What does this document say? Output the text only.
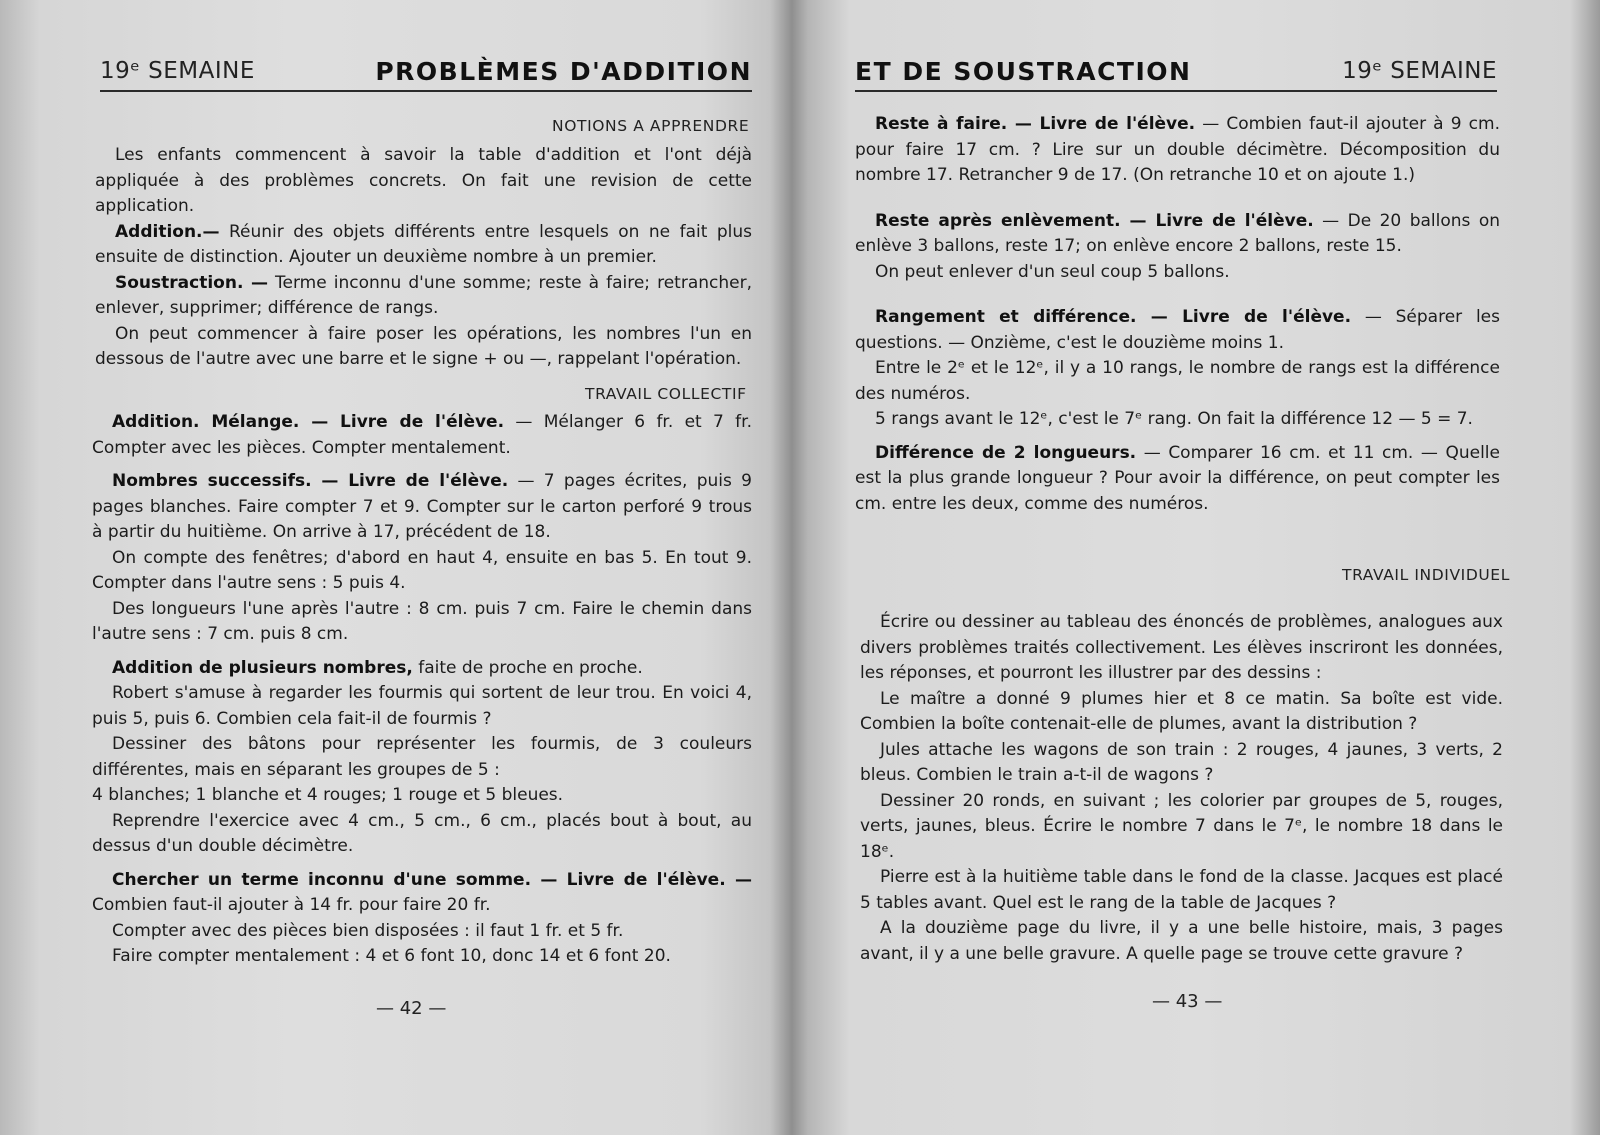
19ᵉ SEMAINE	PROBLÈMES D'ADDITION
NOTIONS A APPRENDRE

Les enfants commencent à savoir la table d'addition et l'ont déjà appliquée à des problèmes concrets. On fait une revision de cette application.

Addition.— Réunir des objets différents entre lesquels on ne fait plus ensuite de distinction. Ajouter un deuxième nombre à un premier.

Soustraction. — Terme inconnu d'une somme; reste à faire; retrancher, enlever, supprimer; différence de rangs.

On peut commencer à faire poser les opérations, les nombres l'un en dessous de l'autre avec une barre et le signe + ou —, rappelant l'opération.

TRAVAIL COLLECTIF

Addition. Mélange. — Livre de l'élève. — Mélanger 6 fr. et 7 fr. Compter avec les pièces. Compter mentalement.

Nombres successifs. — Livre de l'élève. — 7 pages écrites, puis 9 pages blanches. Faire compter 7 et 9. Compter sur le carton perforé 9 trous à partir du huitième. On arrive à 17, précédent de 18.

On compte des fenêtres; d'abord en haut 4, ensuite en bas 5. En tout 9. Compter dans l'autre sens : 5 puis 4.

Des longueurs l'une après l'autre : 8 cm. puis 7 cm. Faire le chemin dans l'autre sens : 7 cm. puis 8 cm.

Addition de plusieurs nombres, faite de proche en proche.

Robert s'amuse à regarder les fourmis qui sortent de leur trou. En voici 4, puis 5, puis 6. Combien cela fait-il de fourmis ?

Dessiner des bâtons pour représenter les fourmis, de 3 couleurs différentes, mais en séparant les groupes de 5 :

4 blanches; 1 blanche et 4 rouges; 1 rouge et 5 bleues.

Reprendre l'exercice avec 4 cm., 5 cm., 6 cm., placés bout à bout, au dessus d'un double décimètre.

Chercher un terme inconnu d'une somme. — Livre de l'élève. — Combien faut-il ajouter à 14 fr. pour faire 20 fr.

Compter avec des pièces bien disposées : il faut 1 fr. et 5 fr.

Faire compter mentalement : 4 et 6 font 10, donc 14 et 6 font 20.

— 42 —
ET DE SOUSTRACTION	19ᵉ SEMAINE

Reste à faire. — Livre de l'élève. — Combien faut-il ajouter à 9 cm. pour faire 17 cm. ? Lire sur un double décimètre. Décomposition du nombre 17. Retrancher 9 de 17. (On retranche 10 et on ajoute 1.)

Reste après enlèvement. — Livre de l'élève. — De 20 ballons on enlève 3 ballons, reste 17; on enlève encore 2 ballons, reste 15.

On peut enlever d'un seul coup 5 ballons.

Rangement et différence. — Livre de l'élève. — Séparer les questions. — Onzième, c'est le douzième moins 1.

Entre le 2ᵉ et le 12ᵉ, il y a 10 rangs, le nombre de rangs est la différence des numéros.

5 rangs avant le 12ᵉ, c'est le 7ᵉ rang. On fait la différence 12 — 5 = 7.

Différence de 2 longueurs. — Comparer 16 cm. et 11 cm. — Quelle est la plus grande longueur ? Pour avoir la différence, on peut compter les cm. entre les deux, comme des numéros.

TRAVAIL INDIVIDUEL

Écrire ou dessiner au tableau des énoncés de problèmes, analogues aux divers problèmes traités collectivement. Les élèves inscriront les données, les réponses, et pourront les illustrer par des dessins :

Le maître a donné 9 plumes hier et 8 ce matin. Sa boîte est vide. Combien la boîte contenait-elle de plumes, avant la distribution ?

Jules attache les wagons de son train : 2 rouges, 4 jaunes, 3 verts, 2 bleus. Combien le train a-t-il de wagons ?

Dessiner 20 ronds, en suivant ; les colorier par groupes de 5, rouges, verts, jaunes, bleus. Écrire le nombre 7 dans le 7ᵉ, le nombre 18 dans le 18ᵉ.

Pierre est à la huitième table dans le fond de la classe. Jacques est placé 5 tables avant. Quel est le rang de la table de Jacques ?

A la douzième page du livre, il y a une belle histoire, mais, 3 pages avant, il y a une belle gravure. A quelle page se trouve cette gravure ?

— 43 —
